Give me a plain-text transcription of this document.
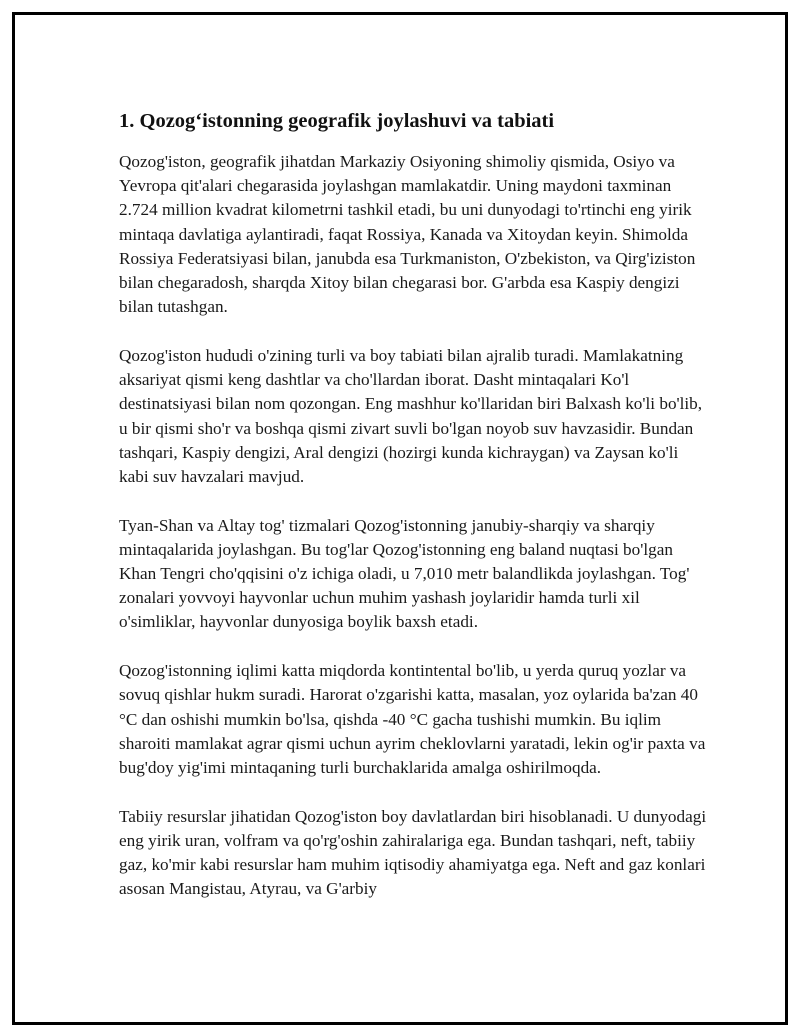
1. Qozog‘istonning geografik joylashuvi va tabiati

Qozog'iston, geografik jihatdan Markaziy Osiyoning shimoliy qismida, Osiyo va Yevropa qit'alari chegarasida joylashgan mamlakatdir. Uning maydoni taxminan 2.724 million kvadrat kilometrni tashkil etadi, bu uni dunyodagi to'rtinchi eng yirik mintaqa davlatiga aylantiradi, faqat Rossiya, Kanada va Xitoydan keyin. Shimolda Rossiya Federatsiyasi bilan, janubda esa Turkmaniston, O'zbekiston, va Qirg'iziston bilan chegaradosh, sharqda Xitoy bilan chegarasi bor. G'arbda esa Kaspiy dengizi bilan tutashgan.

Qozog'iston hududi o'zining turli va boy tabiati bilan ajralib turadi. Mamlakatning aksariyat qismi keng dashtlar va cho'llardan iborat. Dasht mintaqalari Ko'l destinatsiyasi bilan nom qozongan. Eng mashhur ko'llaridan biri Balxash ko'li bo'lib, u bir qismi sho'r va boshqa qismi zivart suvli bo'lgan noyob suv havzasidir. Bundan tashqari, Kaspiy dengizi, Aral dengizi (hozirgi kunda kichraygan) va Zaysan ko'li kabi suv havzalari mavjud.

Tyan-Shan va Altay tog' tizmalari Qozog'istonning janubiy-sharqiy va sharqiy mintaqalarida joylashgan. Bu tog'lar Qozog'istonning eng baland nuqtasi bo'lgan Khan Tengri cho'qqisini o'z ichiga oladi, u 7,010 metr balandlikda joylashgan. Tog' zonalari yovvoyi hayvonlar uchun muhim yashash joylaridir hamda turli xil o'simliklar, hayvonlar dunyosiga boylik baxsh etadi.

Qozog'istonning iqlimi katta miqdorda kontintental bo'lib, u yerda quruq yozlar va sovuq qishlar hukm suradi. Harorat o'zgarishi katta, masalan, yoz oylarida ba'zan 40 °C dan oshishi mumkin bo'lsa, qishda -40 °C gacha tushishi mumkin. Bu iqlim sharoiti mamlakat agrar qismi uchun ayrim cheklovlarni yaratadi, lekin og'ir paxta va bug'doy yig'imi mintaqaning turli burchaklarida amalga oshirilmoqda.

Tabiiy resurslar jihatidan Qozog'iston boy davlatlardan biri hisoblanadi. U dunyodagi eng yirik uran, volfram va qo'rg'oshin zahiralariga ega. Bundan tashqari, neft, tabiiy gaz, ko'mir kabi resurslar ham muhim iqtisodiy ahamiyatga ega. Neft and gaz konlari asosan Mangistau, Atyrau, va G'arbiy
